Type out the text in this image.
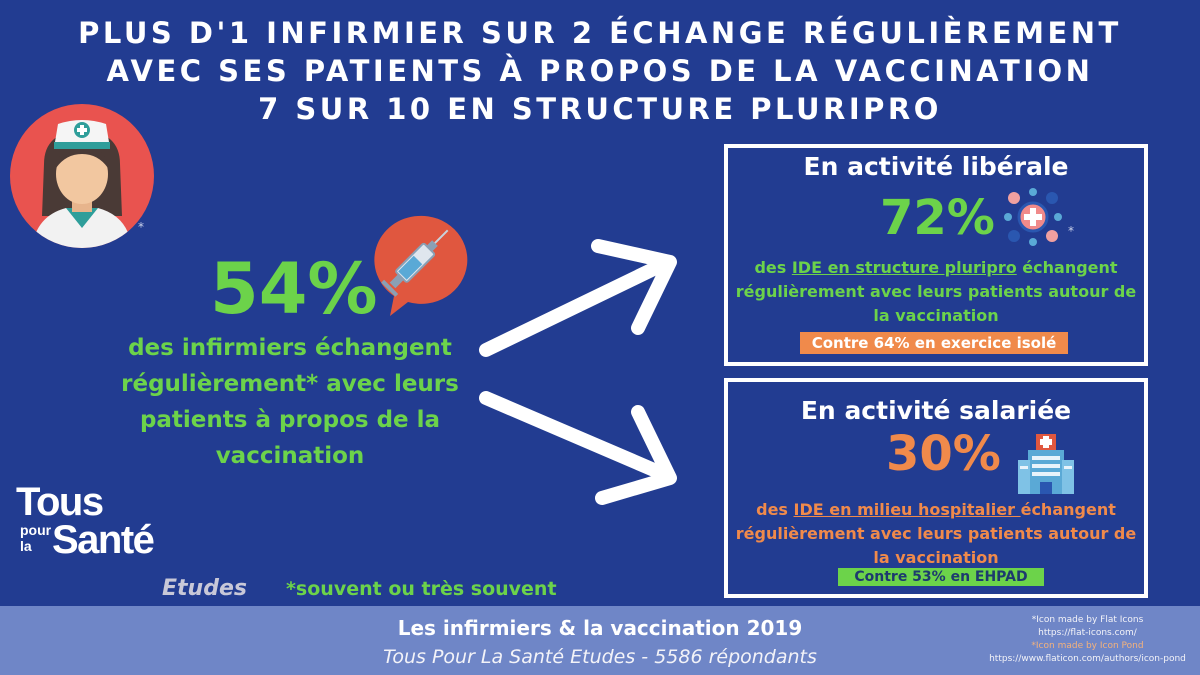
PLUS D'1 INFIRMIER SUR 2 ÉCHANGE RÉGULIÈREMENT
AVEC SES PATIENTS À PROPOS DE LA VACCINATION
7 SUR 10 EN STRUCTURE PLURIPRO
*
54%
des infirmiers échangent régulièrement* avec leurs patients à propos de la vaccination
Tous
pour
la Santé
Etudes *souvent ou très souvent
En activité libérale
72%	*
des IDE en structure pluripro échangent régulièrement avec leurs patients autour de la vaccination
Contre 64% en exercice isolé
En activité salariée
30%
des IDE en milieu hospitalier échangent régulièrement avec leurs patients autour de la vaccination
Contre 53% en EHPAD
Les infirmiers & la vaccination 2019
Tous Pour La Santé Etudes - 5586 répondants
*Icon made by Flat Icons
https://flat-icons.com/
*Icon made by Icon Pond
https://www.flaticon.com/authors/icon-pond
